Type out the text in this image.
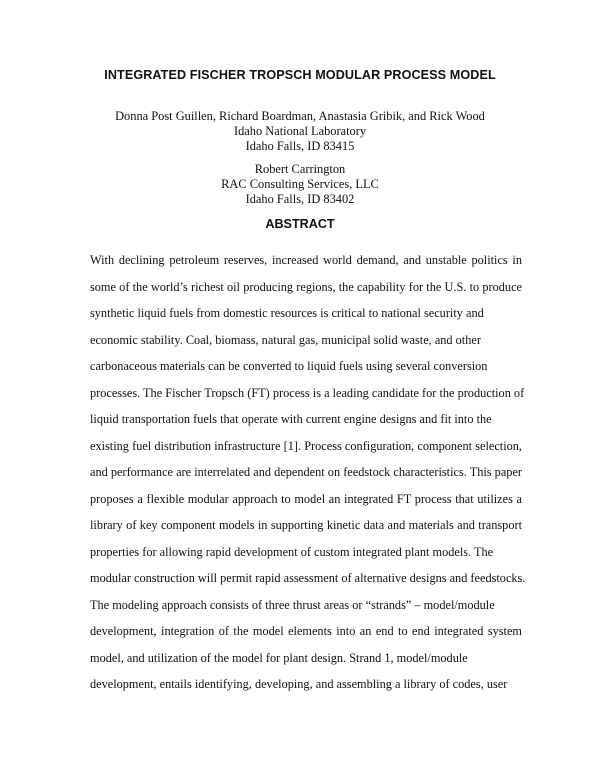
INTEGRATED FISCHER TROPSCH MODULAR PROCESS MODEL
Donna Post Guillen, Richard Boardman, Anastasia Gribik, and Rick Wood
Idaho National Laboratory
Idaho Falls, ID 83415
Robert Carrington
RAC Consulting Services, LLC
Idaho Falls, ID 83402
ABSTRACT
With declining petroleum reserves, increased world demand, and unstable politics in
some of the world’s richest oil producing regions, the capability for the U.S. to produce
synthetic liquid fuels from domestic resources is critical to national security and
economic stability. Coal, biomass, natural gas, municipal solid waste, and other
carbonaceous materials can be converted to liquid fuels using several conversion
processes. The Fischer Tropsch (FT) process is a leading candidate for the production of
liquid transportation fuels that operate with current engine designs and fit into the
existing fuel distribution infrastructure [1]. Process configuration, component selection,
and performance are interrelated and dependent on feedstock characteristics. This paper
proposes a flexible modular approach to model an integrated FT process that utilizes a
library of key component models in supporting kinetic data and materials and transport
properties for allowing rapid development of custom integrated plant models. The
modular construction will permit rapid assessment of alternative designs and feedstocks.
The modeling approach consists of three thrust areas or “strands” – model/module
development, integration of the model elements into an end to end integrated system
model, and utilization of the model for plant design. Strand 1, model/module
development, entails identifying, developing, and assembling a library of codes, user
